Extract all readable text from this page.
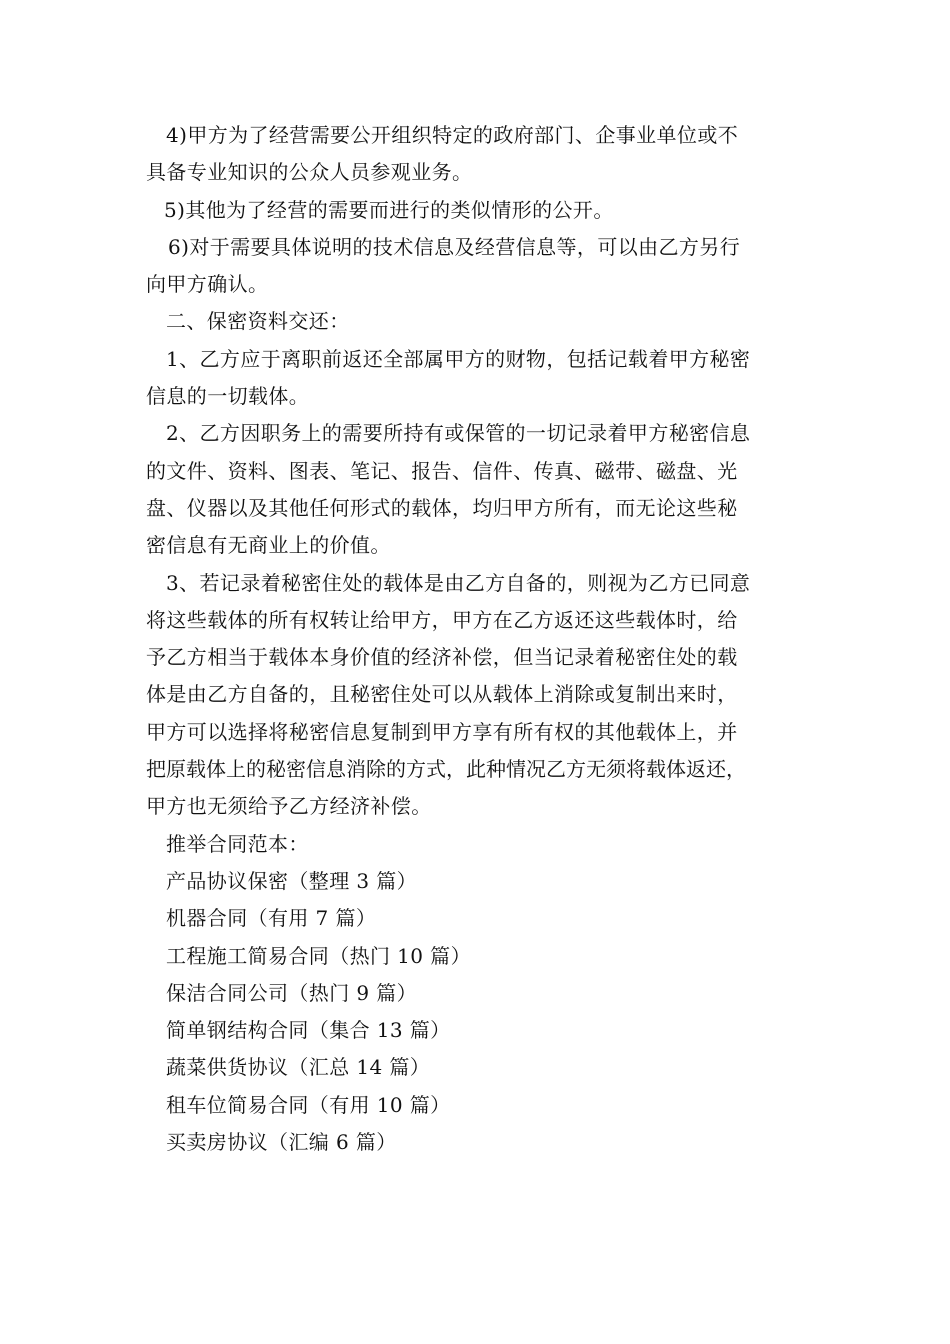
4)甲方为了经营需要公开组织特定的政府部门、企事业单位或不
具备专业知识的公众人员参观业务。

5)其他为了经营的需要而进行的类似情形的公开。

6)对于需要具体说明的技术信息及经营信息等，可以由乙方另行
向甲方确认。

二、保密资料交还：

1、乙方应于离职前返还全部属甲方的财物，包括记载着甲方秘密
信息的一切载体。

2、乙方因职务上的需要所持有或保管的一切记录着甲方秘密信息
的文件、资料、图表、笔记、报告、信件、传真、磁带、磁盘、光
盘、仪器以及其他任何形式的载体，均归甲方所有，而无论这些秘
密信息有无商业上的价值。

3、若记录着秘密住处的载体是由乙方自备的，则视为乙方已同意
将这些载体的所有权转让给甲方，甲方在乙方返还这些载体时，给
予乙方相当于载体本身价值的经济补偿，但当记录着秘密住处的载
体是由乙方自备的，且秘密住处可以从载体上消除或复制出来时，
甲方可以选择将秘密信息复制到甲方享有所有权的其他载体上，并
把原载体上的秘密信息消除的方式，此种情况乙方无须将载体返还，
甲方也无须给予乙方经济补偿。

推举合同范本：

产品协议保密（整理 3 篇）
机器合同（有用 7 篇）
工程施工简易合同（热门 10 篇）
保洁合同公司（热门 9 篇）
简单钢结构合同（集合 13 篇）
蔬菜供货协议（汇总 14 篇）
租车位简易合同（有用 10 篇）
买卖房协议（汇编 6 篇）
